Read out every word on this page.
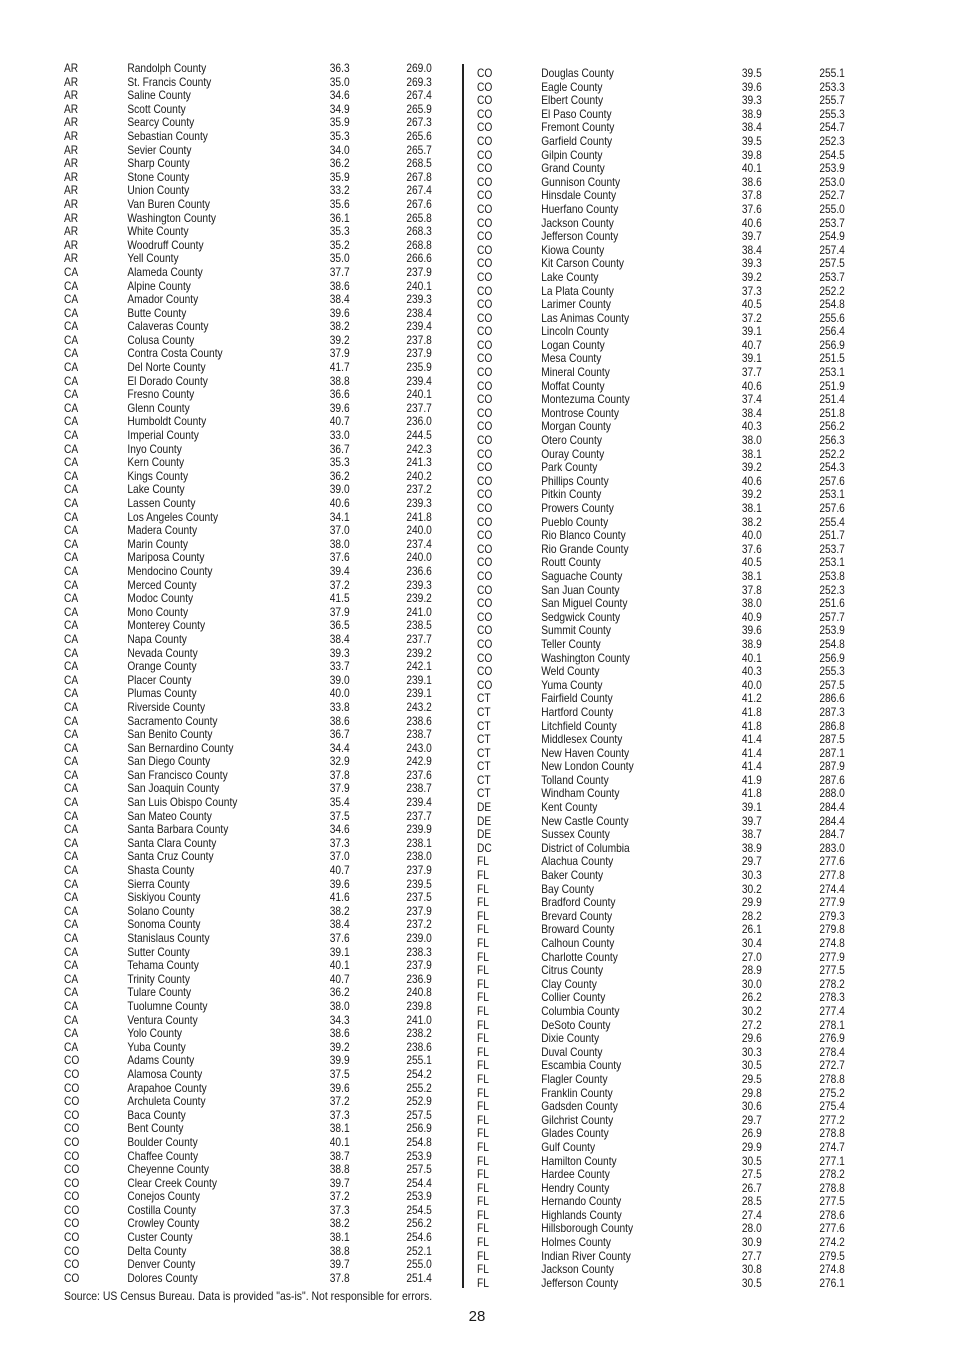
AR	Randolph County	36.3	269.0
AR	St. Francis County	35.0	269.3
AR	Saline County	34.6	267.4
AR	Scott County	34.9	265.9
AR	Searcy County	35.9	267.3
AR	Sebastian County	35.3	265.6
AR	Sevier County	34.0	265.7
AR	Sharp County	36.2	268.5
AR	Stone County	35.9	267.8
AR	Union County	33.2	267.4
AR	Van Buren County	35.6	267.6
AR	Washington County	36.1	265.8
AR	White County	35.3	268.3
AR	Woodruff County	35.2	268.8
AR	Yell County	35.0	266.6
CA	Alameda County	37.7	237.9
CA	Alpine County	38.6	240.1
CA	Amador County	38.4	239.3
CA	Butte County	39.6	238.4
CA	Calaveras County	38.2	239.4
CA	Colusa County	39.2	237.8
CA	Contra Costa County	37.9	237.9
CA	Del Norte County	41.7	235.9
CA	El Dorado County	38.8	239.4
CA	Fresno County	36.6	240.1
CA	Glenn County	39.6	237.7
CA	Humboldt County	40.7	236.0
CA	Imperial County	33.0	244.5
CA	Inyo County	36.7	242.3
CA	Kern County	35.3	241.3
CA	Kings County	36.2	240.2
CA	Lake County	39.0	237.2
CA	Lassen County	40.6	239.3
CA	Los Angeles County	34.1	241.8
CA	Madera County	37.0	240.0
CA	Marin County	38.0	237.4
CA	Mariposa County	37.6	240.0
CA	Mendocino County	39.4	236.6
CA	Merced County	37.2	239.3
CA	Modoc County	41.5	239.2
CA	Mono County	37.9	241.0
CA	Monterey County	36.5	238.5
CA	Napa County	38.4	237.7
CA	Nevada County	39.3	239.2
CA	Orange County	33.7	242.1
CA	Placer County	39.0	239.1
CA	Plumas County	40.0	239.1
CA	Riverside County	33.8	243.2
CA	Sacramento County	38.6	238.6
CA	San Benito County	36.7	238.7
CA	San Bernardino County	34.4	243.0
CA	San Diego County	32.9	242.9
CA	San Francisco County	37.8	237.6
CA	San Joaquin County	37.9	238.7
CA	San Luis Obispo County	35.4	239.4
CA	San Mateo County	37.5	237.7
CA	Santa Barbara County	34.6	239.9
CA	Santa Clara County	37.3	238.1
CA	Santa Cruz County	37.0	238.0
CA	Shasta County	40.7	237.9
CA	Sierra County	39.6	239.5
CA	Siskiyou County	41.6	237.5
CA	Solano County	38.2	237.9
CA	Sonoma County	38.4	237.2
CA	Stanislaus County	37.6	239.0
CA	Sutter County	39.1	238.3
CA	Tehama County	40.1	237.9
CA	Trinity County	40.7	236.9
CA	Tulare County	36.2	240.8
CA	Tuolumne County	38.0	239.8
CA	Ventura County	34.3	241.0
CA	Yolo County	38.6	238.2
CA	Yuba County	39.2	238.6
CO	Adams County	39.9	255.1
CO	Alamosa County	37.5	254.2
CO	Arapahoe County	39.6	255.2
CO	Archuleta County	37.2	252.9
CO	Baca County	37.3	257.5
CO	Bent County	38.1	256.9
CO	Boulder County	40.1	254.8
CO	Chaffee County	38.7	253.9
CO	Cheyenne County	38.8	257.5
CO	Clear Creek County	39.7	254.4
CO	Conejos County	37.2	253.9
CO	Costilla County	37.3	254.5
CO	Crowley County	38.2	256.2
CO	Custer County	38.1	254.6
CO	Delta County	38.8	252.1
CO	Denver County	39.7	255.0
CO	Dolores County	37.8	251.4
CO	Douglas County	39.5	255.1
CO	Eagle County	39.6	253.3
CO	Elbert County	39.3	255.7
CO	El Paso County	38.9	255.3
CO	Fremont County	38.4	254.7
CO	Garfield County	39.5	252.3
CO	Gilpin County	39.8	254.5
CO	Grand County	40.1	253.9
CO	Gunnison County	38.6	253.0
CO	Hinsdale County	37.8	252.7
CO	Huerfano County	37.6	255.0
CO	Jackson County	40.6	253.7
CO	Jefferson County	39.7	254.9
CO	Kiowa County	38.4	257.4
CO	Kit Carson County	39.3	257.5
CO	Lake County	39.2	253.7
CO	La Plata County	37.3	252.2
CO	Larimer County	40.5	254.8
CO	Las Animas County	37.2	255.6
CO	Lincoln County	39.1	256.4
CO	Logan County	40.7	256.9
CO	Mesa County	39.1	251.5
CO	Mineral County	37.7	253.1
CO	Moffat County	40.6	251.9
CO	Montezuma County	37.4	251.4
CO	Montrose County	38.4	251.8
CO	Morgan County	40.3	256.2
CO	Otero County	38.0	256.3
CO	Ouray County	38.1	252.2
CO	Park County	39.2	254.3
CO	Phillips County	40.6	257.6
CO	Pitkin County	39.2	253.1
CO	Prowers County	38.1	257.6
CO	Pueblo County	38.2	255.4
CO	Rio Blanco County	40.0	251.7
CO	Rio Grande County	37.6	253.7
CO	Routt County	40.5	253.1
CO	Saguache County	38.1	253.8
CO	San Juan County	37.8	252.3
CO	San Miguel County	38.0	251.6
CO	Sedgwick County	40.9	257.7
CO	Summit County	39.6	253.9
CO	Teller County	38.9	254.8
CO	Washington County	40.1	256.9
CO	Weld County	40.3	255.3
CO	Yuma County	40.0	257.5
CT	Fairfield County	41.2	286.6
CT	Hartford County	41.8	287.3
CT	Litchfield County	41.8	286.8
CT	Middlesex County	41.4	287.5
CT	New Haven County	41.4	287.1
CT	New London County	41.4	287.9
CT	Tolland County	41.9	287.6
CT	Windham County	41.8	288.0
DE	Kent County	39.1	284.4
DE	New Castle County	39.7	284.4
DE	Sussex County	38.7	284.7
DC	District of Columbia	38.9	283.0
FL	Alachua County	29.7	277.6
FL	Baker County	30.3	277.8
FL	Bay County	30.2	274.4
FL	Bradford County	29.9	277.9
FL	Brevard County	28.2	279.3
FL	Broward County	26.1	279.8
FL	Calhoun County	30.4	274.8
FL	Charlotte County	27.0	277.9
FL	Citrus County	28.9	277.5
FL	Clay County	30.0	278.2
FL	Collier County	26.2	278.3
FL	Columbia County	30.2	277.4
FL	DeSoto County	27.2	278.1
FL	Dixie County	29.6	276.9
FL	Duval County	30.3	278.4
FL	Escambia County	30.5	272.7
FL	Flagler County	29.5	278.8
FL	Franklin County	29.8	275.2
FL	Gadsden County	30.6	275.4
FL	Gilchrist County	29.7	277.2
FL	Glades County	26.9	278.8
FL	Gulf County	29.9	274.7
FL	Hamilton County	30.5	277.1
FL	Hardee County	27.5	278.2
FL	Hendry County	26.7	278.8
FL	Hernando County	28.5	277.5
FL	Highlands County	27.4	278.6
FL	Hillsborough County	28.0	277.6
FL	Holmes County	30.9	274.2
FL	Indian River County	27.7	279.5
FL	Jackson County	30.8	274.8
FL	Jefferson County	30.5	276.1
Source: US Census Bureau. Data is provided "as-is". Not responsible for errors.
28
